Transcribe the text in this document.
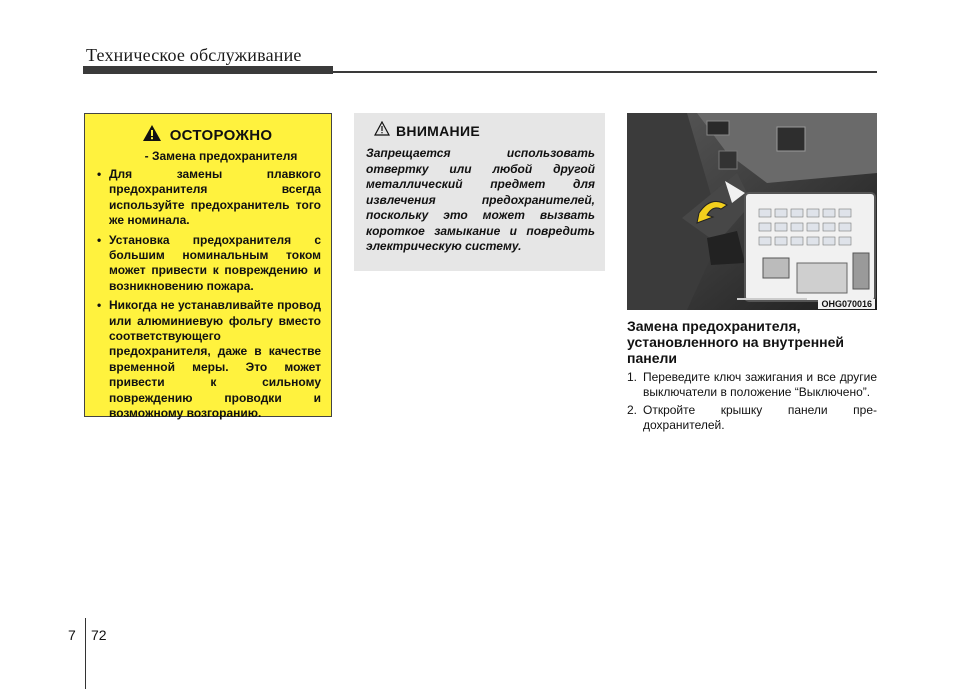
Техническое обслуживание
ОСТОРОЖНО
- Замена предохранителя
• Для замены плавкого предохранителя всегда используйте предохранитель того же номинала.
• Установка предохранителя с большим номинальным током может привести к повреждению и возникновению пожара.
• Никогда не устанавливайте провод или алюминиевую фольгу вместо соответствующего предохранителя, даже в качестве временной меры. Это может привести к сильному повреждению проводки и возможному возгоранию.
ВНИМАНИЕ
Запрещается использовать отвертку или любой другой металлический предмет для извлечения предохранителей, поскольку это может вызвать короткое замыкание и повредить электрическую систему.
OHG070016
Замена предохранителя, установленного на внутренней панели
1. Переведите ключ зажигания и все другие выключатели в положение “Выключено”.
2. Откройте крышку панели пре- дохранителей.
7 72
